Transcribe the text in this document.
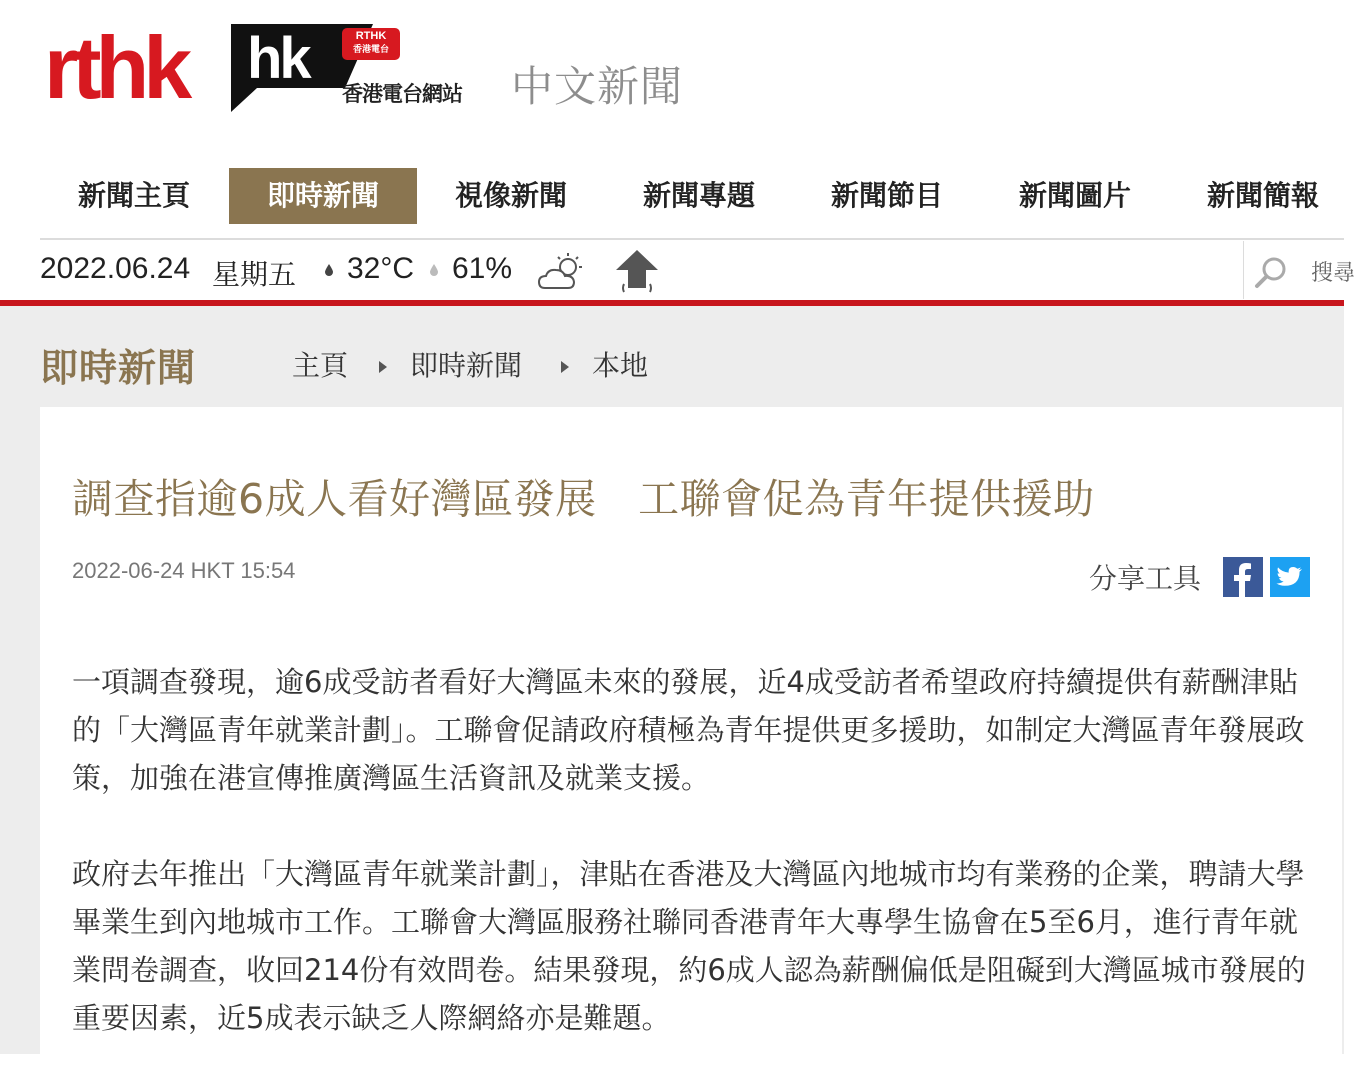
rthk hk	RTHK
香港電台
香港電台網站 中文新聞
新聞主頁	即時新聞	視像新聞	新聞專題	新聞節目	新聞圖片	新聞簡報
2022.06.24 星期五 32°C 61%	搜尋
即時新聞	主頁 即時新聞 本地
調查指逾6成人看好灣區發展　工聯會促為青年提供援助
2022-06-24 HKT 15:54	分享工具

一項調查發現，逾6成受訪者看好大灣區未來的發展，近4成受訪者希望政府持續提供有薪酬津貼的「大灣區青年就業計劃」。工聯會促請政府積極為青年提供更多援助，如制定大灣區青年發展政策，加強在港宣傳推廣灣區生活資訊及就業支援。

政府去年推出「大灣區青年就業計劃」，津貼在香港及大灣區內地城市均有業務的企業，聘請大學畢業生到內地城市工作。工聯會大灣區服務社聯同香港青年大專學生協會在5至6月，進行青年就業問卷調查，收回214份有效問卷。結果發現，約6成人認為薪酬偏低是阻礙到大灣區城市發展的重要因素，近5成表示缺乏人際網絡亦是難題。
